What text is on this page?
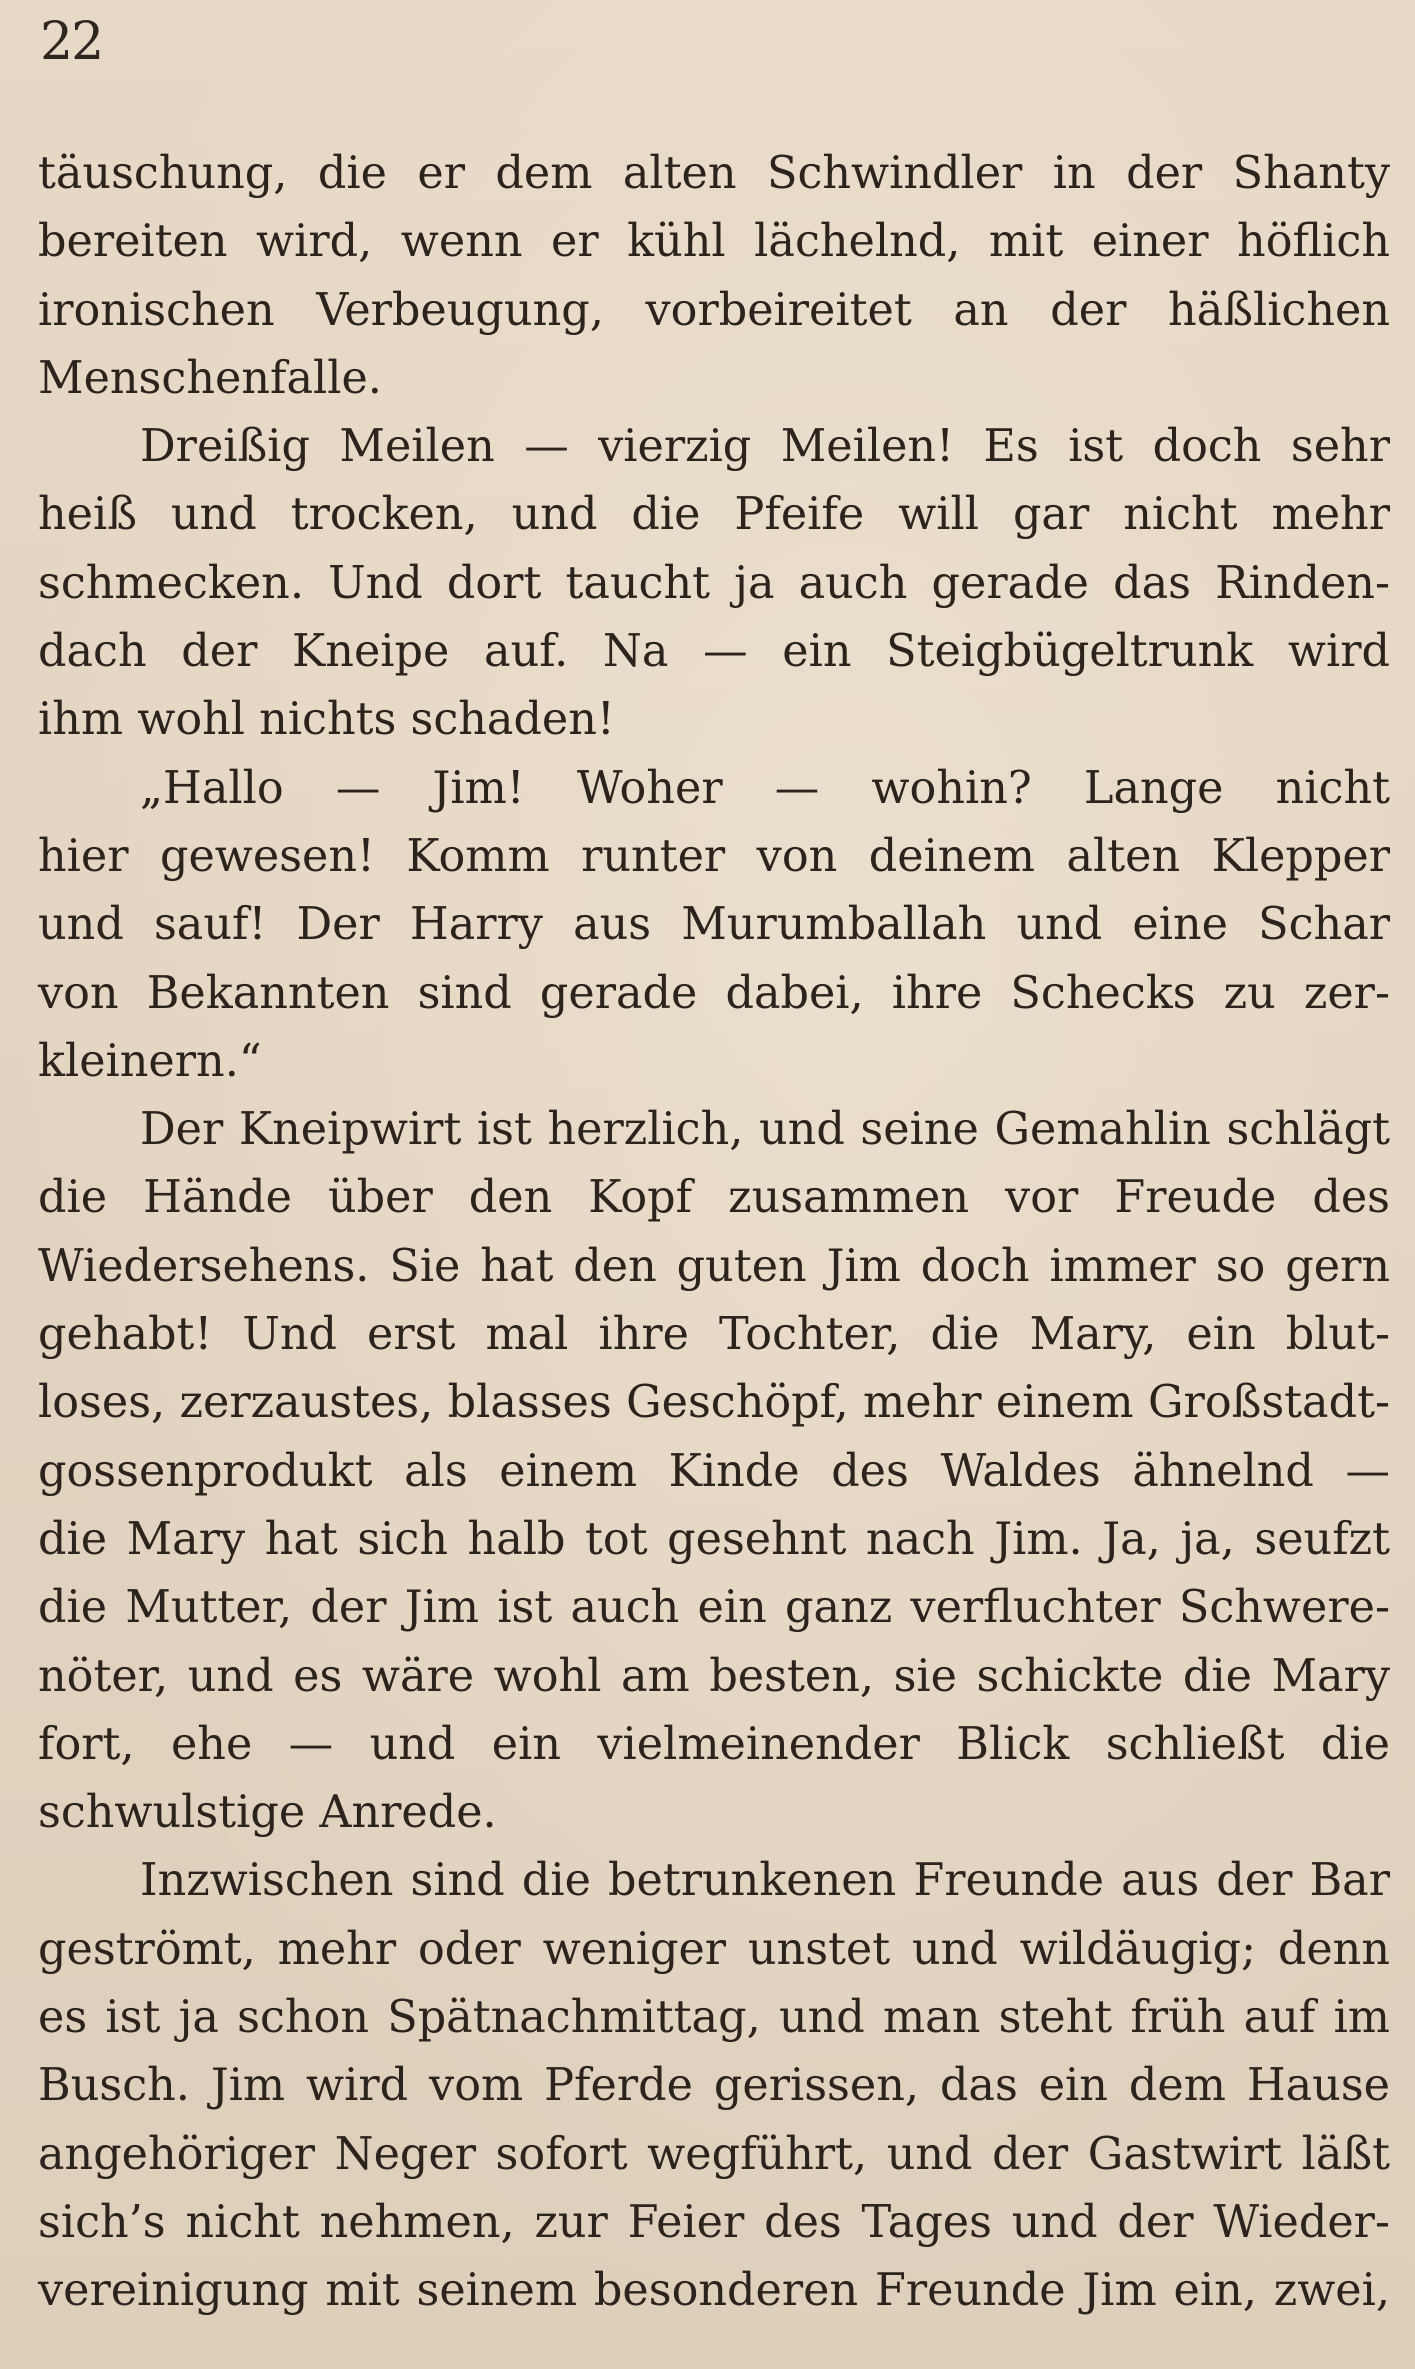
22
täuschung, die er dem alten Schwindler in der Shanty
bereiten wird, wenn er kühl lächelnd, mit einer höflich
ironischen Verbeugung, vorbeireitet an der häßlichen
Menschenfalle.
Dreißig Meilen — vierzig Meilen! Es ist doch sehr
heiß und trocken, und die Pfeife will gar nicht mehr
schmecken. Und dort taucht ja auch gerade das Rinden-
dach der Kneipe auf. Na — ein Steigbügeltrunk wird
ihm wohl nichts schaden!
„Hallo — Jim! Woher — wohin? Lange nicht
hier gewesen! Komm runter von deinem alten Klepper
und sauf! Der Harry aus Murumballah und eine Schar
von Bekannten sind gerade dabei, ihre Schecks zu zer-
kleinern.“
Der Kneipwirt ist herzlich, und seine Gemahlin schlägt
die Hände über den Kopf zusammen vor Freude des
Wiedersehens. Sie hat den guten Jim doch immer so gern
gehabt! Und erst mal ihre Tochter, die Mary, ein blut-
loses, zerzaustes, blasses Geschöpf, mehr einem Großstadt-
gossenprodukt als einem Kinde des Waldes ähnelnd —
die Mary hat sich halb tot gesehnt nach Jim. Ja, ja, seufzt
die Mutter, der Jim ist auch ein ganz verfluchter Schwere-
nöter, und es wäre wohl am besten, sie schickte die Mary
fort, ehe — und ein vielmeinender Blick schließt die
schwulstige Anrede.
Inzwischen sind die betrunkenen Freunde aus der Bar
geströmt, mehr oder weniger unstet und wildäugig; denn
es ist ja schon Spätnachmittag, und man steht früh auf im
Busch. Jim wird vom Pferde gerissen, das ein dem Hause
angehöriger Neger sofort wegführt, und der Gastwirt läßt
sich’s nicht nehmen, zur Feier des Tages und der Wieder-
vereinigung mit seinem besonderen Freunde Jim ein, zwei,
